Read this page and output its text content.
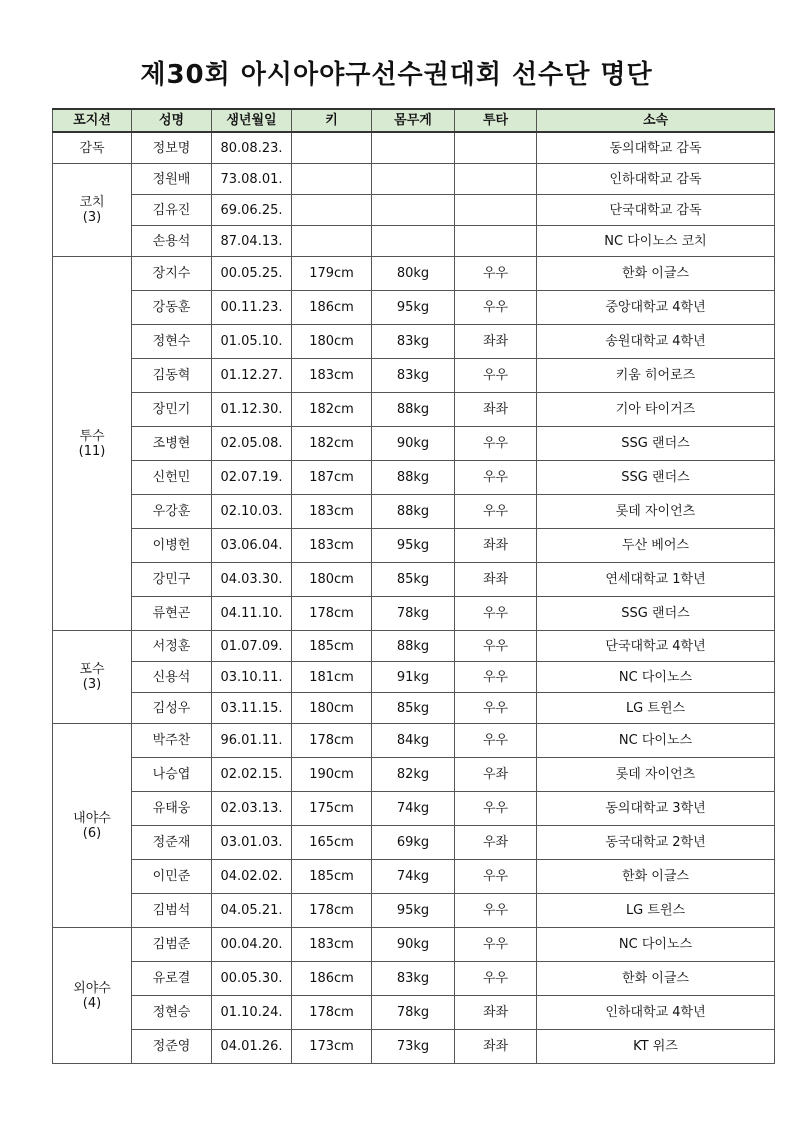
제30회 아시아야구선수권대회 선수단 명단
포지션	성명	생년월일	키	몸무게	투타	소속

감독	정보명	80.08.23.				동의대학교 감독

코치
(3)	정원배	73.08.01.				인하대학교 감독
	김유진	69.06.25.				단국대학교 감독
	손용석	87.04.13.				NC 다이노스 코치

투수
(11)	장지수	00.05.25.	179cm	80kg	우우	한화 이글스
	강동훈	00.11.23.	186cm	95kg	우우	중앙대학교 4학년
	정현수	01.05.10.	180cm	83kg	좌좌	송원대학교 4학년
	김동혁	01.12.27.	183cm	83kg	우우	키움 히어로즈
	장민기	01.12.30.	182cm	88kg	좌좌	기아 타이거즈
	조병현	02.05.08.	182cm	90kg	우우	SSG 랜더스
	신헌민	02.07.19.	187cm	88kg	우우	SSG 랜더스
	우강훈	02.10.03.	183cm	88kg	우우	롯데 자이언츠
	이병헌	03.06.04.	183cm	95kg	좌좌	두산 베어스
	강민구	04.03.30.	180cm	85kg	좌좌	연세대학교 1학년
	류현곤	04.11.10.	178cm	78kg	우우	SSG 랜더스

포수
(3)	서정훈	01.07.09.	185cm	88kg	우우	단국대학교 4학년
	신용석	03.10.11.	181cm	91kg	우우	NC 다이노스
	김성우	03.11.15.	180cm	85kg	우우	LG 트윈스

내야수
(6)	박주찬	96.01.11.	178cm	84kg	우우	NC 다이노스
	나승엽	02.02.15.	190cm	82kg	우좌	롯데 자이언츠
	유태웅	02.03.13.	175cm	74kg	우우	동의대학교 3학년
	정준재	03.01.03.	165cm	69kg	우좌	동국대학교 2학년
	이민준	04.02.02.	185cm	74kg	우우	한화 이글스
	김범석	04.05.21.	178cm	95kg	우우	LG 트윈스

외야수
(4)	김범준	00.04.20.	183cm	90kg	우우	NC 다이노스
	유로결	00.05.30.	186cm	83kg	우우	한화 이글스
	정현승	01.10.24.	178cm	78kg	좌좌	인하대학교 4학년
	정준영	04.01.26.	173cm	73kg	좌좌	KT 위즈
